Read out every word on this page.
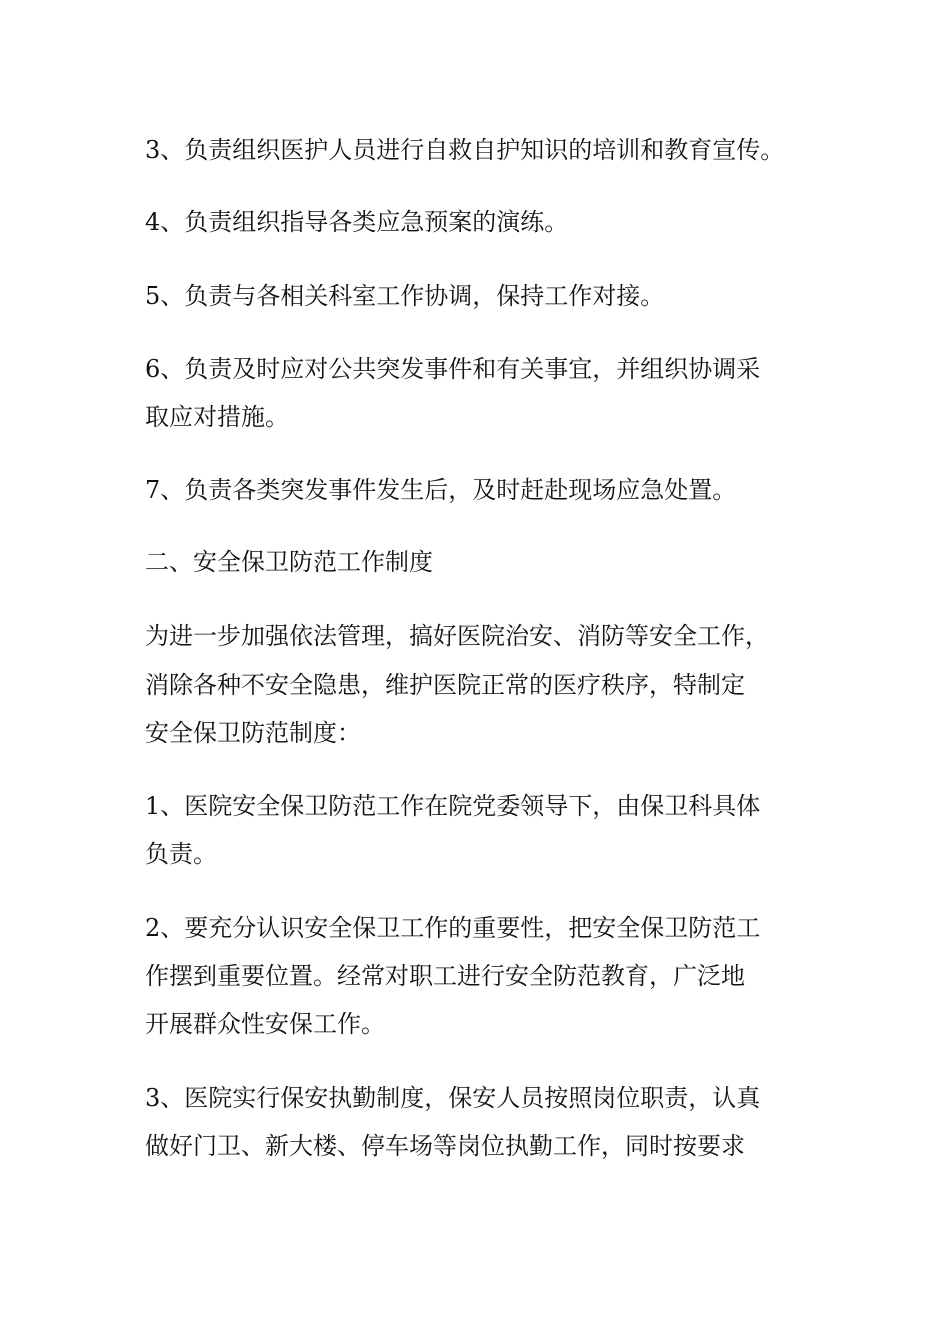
3、负责组织医护人员进行自救自护知识的培训和教育宣传。

4、负责组织指导各类应急预案的演练。

5、负责与各相关科室工作协调，保持工作对接。

6、负责及时应对公共突发事件和有关事宜，并组织协调采

取应对措施。

7、负责各类突发事件发生后，及时赶赴现场应急处置。

二、安全保卫防范工作制度

为进一步加强依法管理，搞好医院治安、消防等安全工作，

消除各种不安全隐患，维护医院正常的医疗秩序，特制定

安全保卫防范制度：

1、医院安全保卫防范工作在院党委领导下，由保卫科具体

负责。

2、要充分认识安全保卫工作的重要性，把安全保卫防范工

作摆到重要位置。经常对职工进行安全防范教育，广泛地

开展群众性安保工作。

3、医院实行保安执勤制度，保安人员按照岗位职责，认真

做好门卫、新大楼、停车场等岗位执勤工作，同时按要求
